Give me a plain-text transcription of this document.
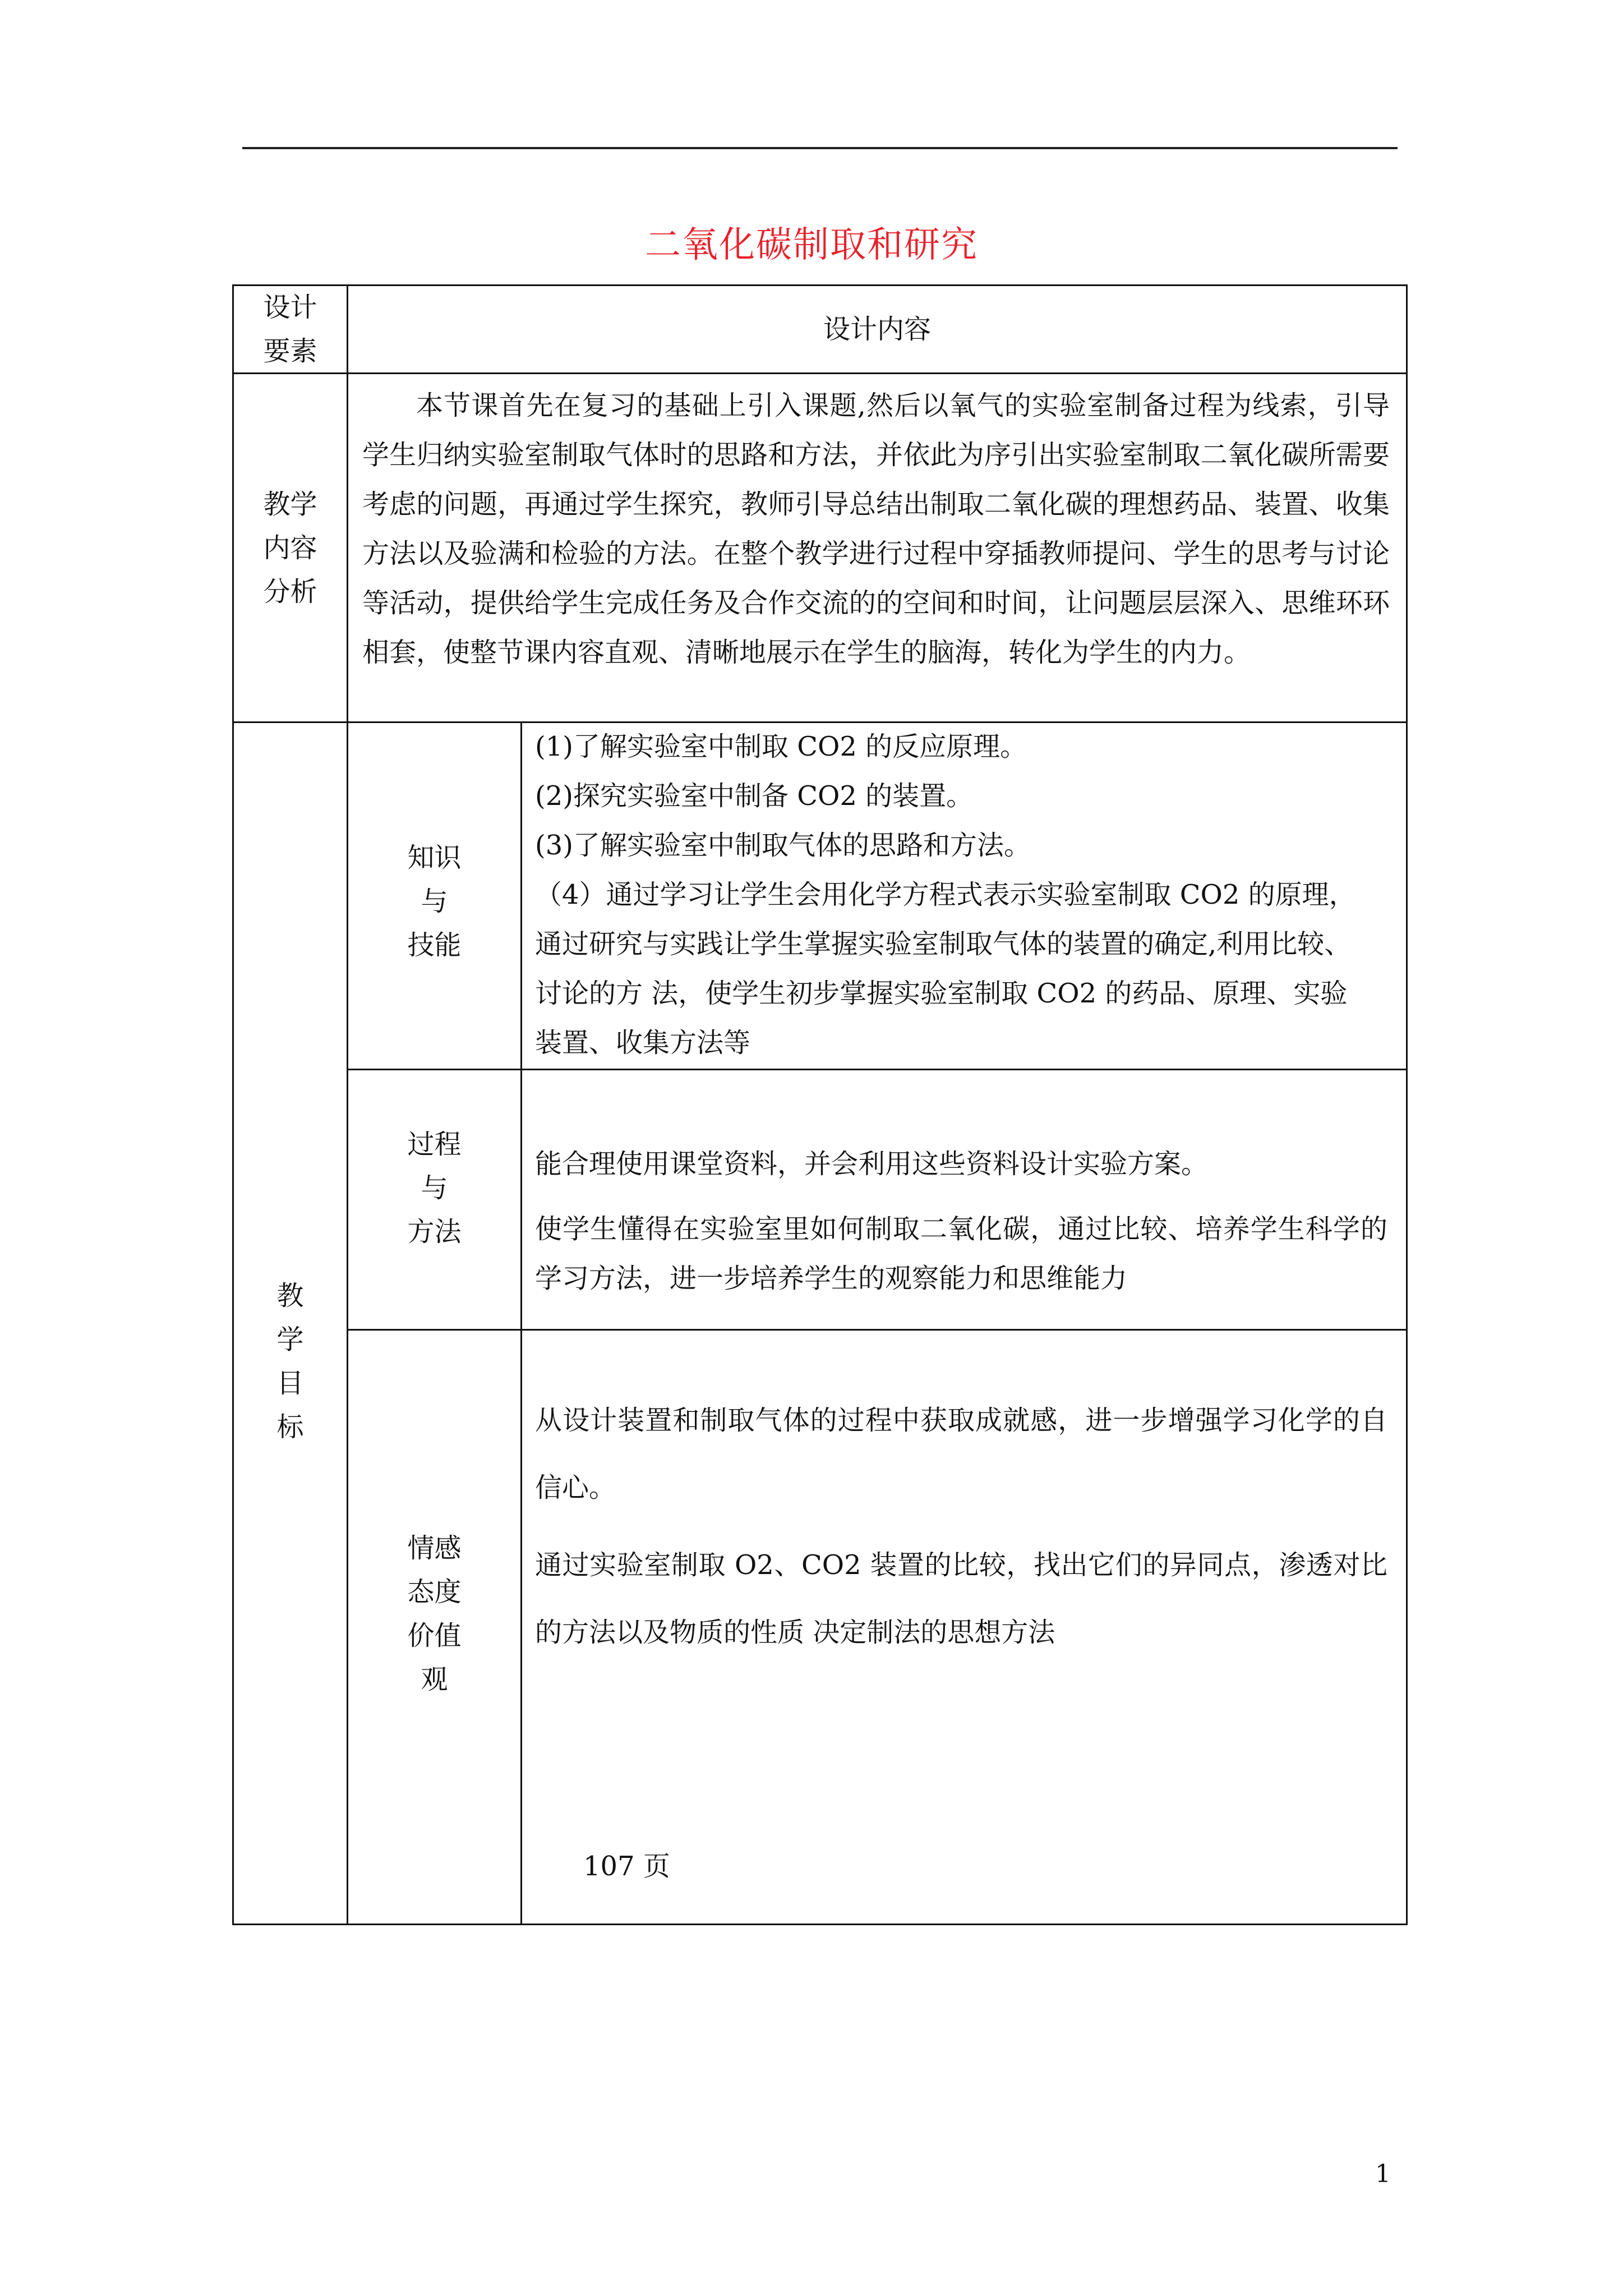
二氧化碳制取和研究
设计
要素
设计内容
教学
内容
分析

本节课首先在复习的基础上引入课题,然后以氧气的实验室制备过程为线索，引导学生归纳实验室制取气体时的思路和方法，并依此为序引出实验室制取二氧化碳所需要考虑的问题，再通过学生探究，教师引导总结出制取二氧化碳的理想药品、装置、收集方法以及验满和检验的方法。在整个教学进行过程中穿插教师提问、学生的思考与讨论等活动，提供给学生完成任务及合作交流的的空间和时间，让问题层层深入、思维环环相套，使整节课内容直观、清晰地展示在学生的脑海，转化为学生的内力。

教
学
目
标
知识
与
技能

(1)了解实验室中制取 CO2 的反应原理。

(2)探究实验室中制备 CO2 的装置。

(3)了解实验室中制取气体的思路和方法。

（4）通过学习让学生会用化学方程式表示实验室制取 CO2 的原理，

通过研究与实践让学生掌握实验室制取气体的装置的确定,利用比较、

讨论的方 法，使学生初步掌握实验室制取 CO2 的药品、原理、实验

装置、收集方法等

过程
与
方法

能合理使用课堂资料，并会利用这些资料设计实验方案。

使学生懂得在实验室里如何制取二氧化碳，通过比较、培养学生科学的学习方法，进一步培养学生的观察能力和思维能力

情感
态度
价值
观

从设计装置和制取气体的过程中获取成就感，进一步增强学习化学的自信心。

通过实验室制取 O2、CO2 装置的比较，找出它们的异同点，渗透对比的方法以及物质的性质 决定制法的思想方法

107 页
1
